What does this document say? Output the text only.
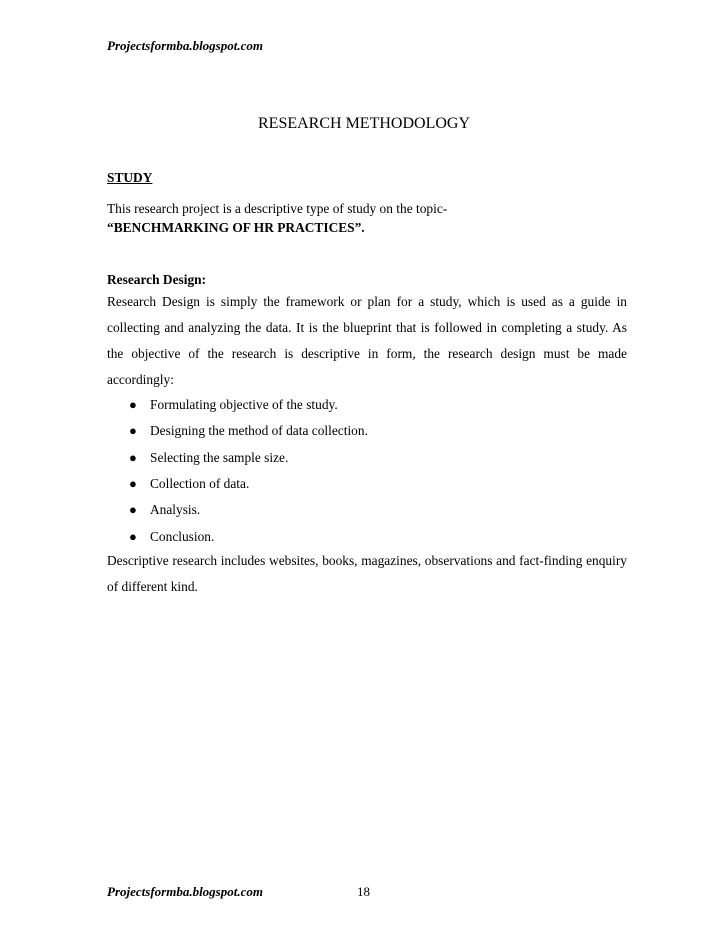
Projectsformba.blogspot.com
RESEARCH METHODOLOGY
STUDY
This research project is a descriptive type of study on the topic-
“BENCHMARKING OF HR PRACTICES”.
Research Design:
Research Design is simply the framework or plan for a study, which is used as a guide in collecting and analyzing the data. It is the blueprint that is followed in completing a study. As the objective of the research is descriptive in form, the research design must be made accordingly:
● Formulating objective of the study.
● Designing the method of data collection.
● Selecting the sample size.
● Collection of data.
● Analysis.
● Conclusion.
Descriptive research includes websites, books, magazines, observations and fact-finding enquiry of different kind.
Projectsformba.blogspot.com	18
